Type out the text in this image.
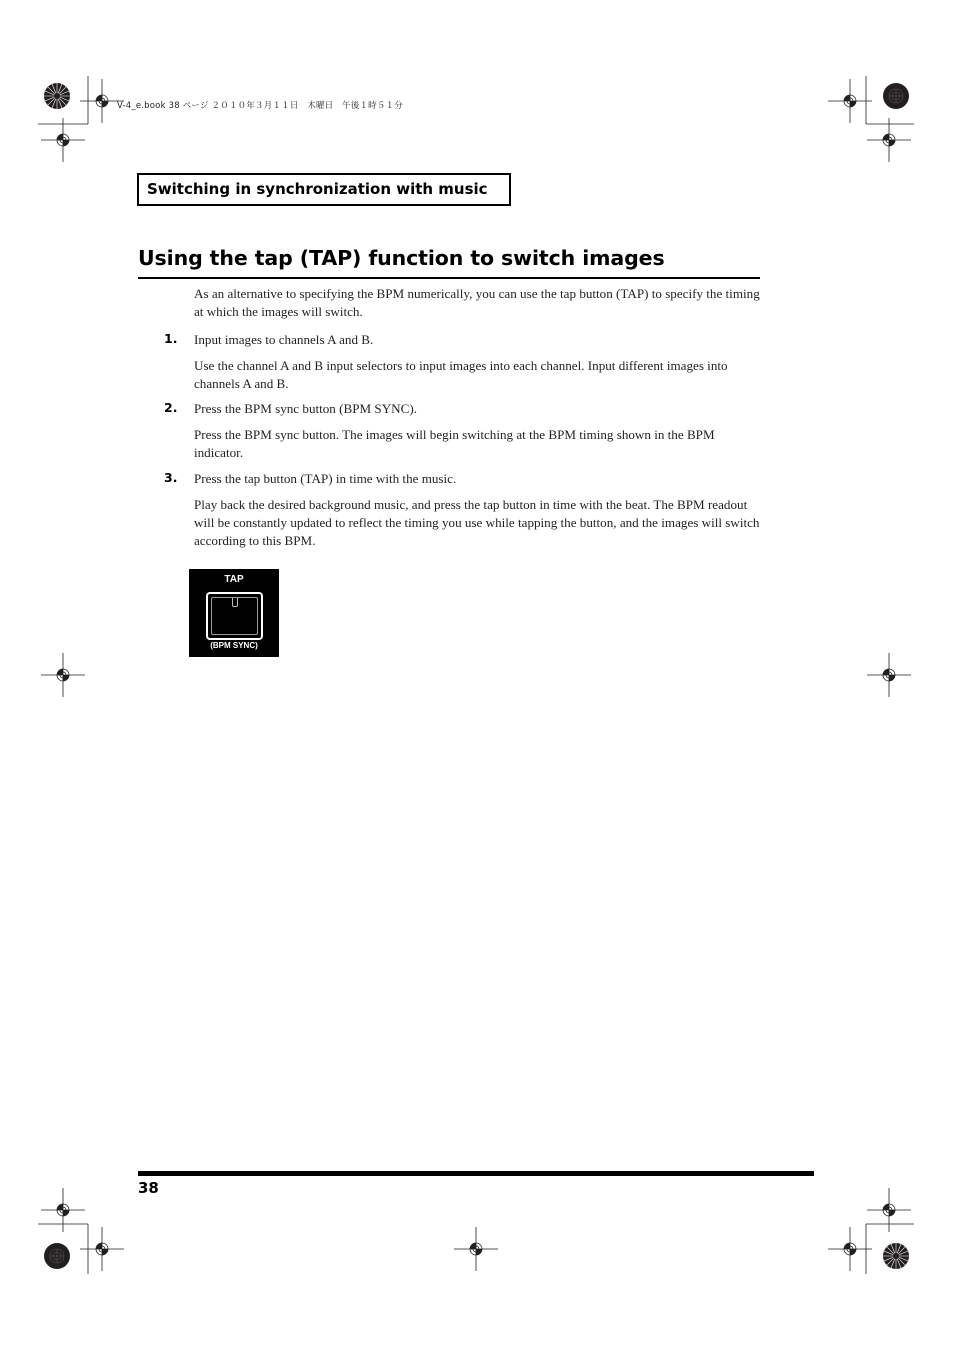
V-4_e.book 38 ページ ２０１０年３月１１日　木曜日　午後１時５１分
Switching in synchronization with music
Using the tap (TAP) function to switch images
As an alternative to specifying the BPM numerically, you can use the tap button (TAP) to specify the timing at which the images will switch.
1. Input images to channels A and B.
Use the channel A and B input selectors to input images into each channel. Input different images into channels A and B.
2. Press the BPM sync button (BPM SYNC).
Press the BPM sync button. The images will begin switching at the BPM timing shown in the BPM indicator.
3. Press the tap button (TAP) in time with the music.
Play back the desired background music, and press the tap button in time with the beat. The BPM readout will be constantly updated to reflect the timing you use while tapping the button, and the images will switch according to this BPM.
TAP
(BPM SYNC)
38
